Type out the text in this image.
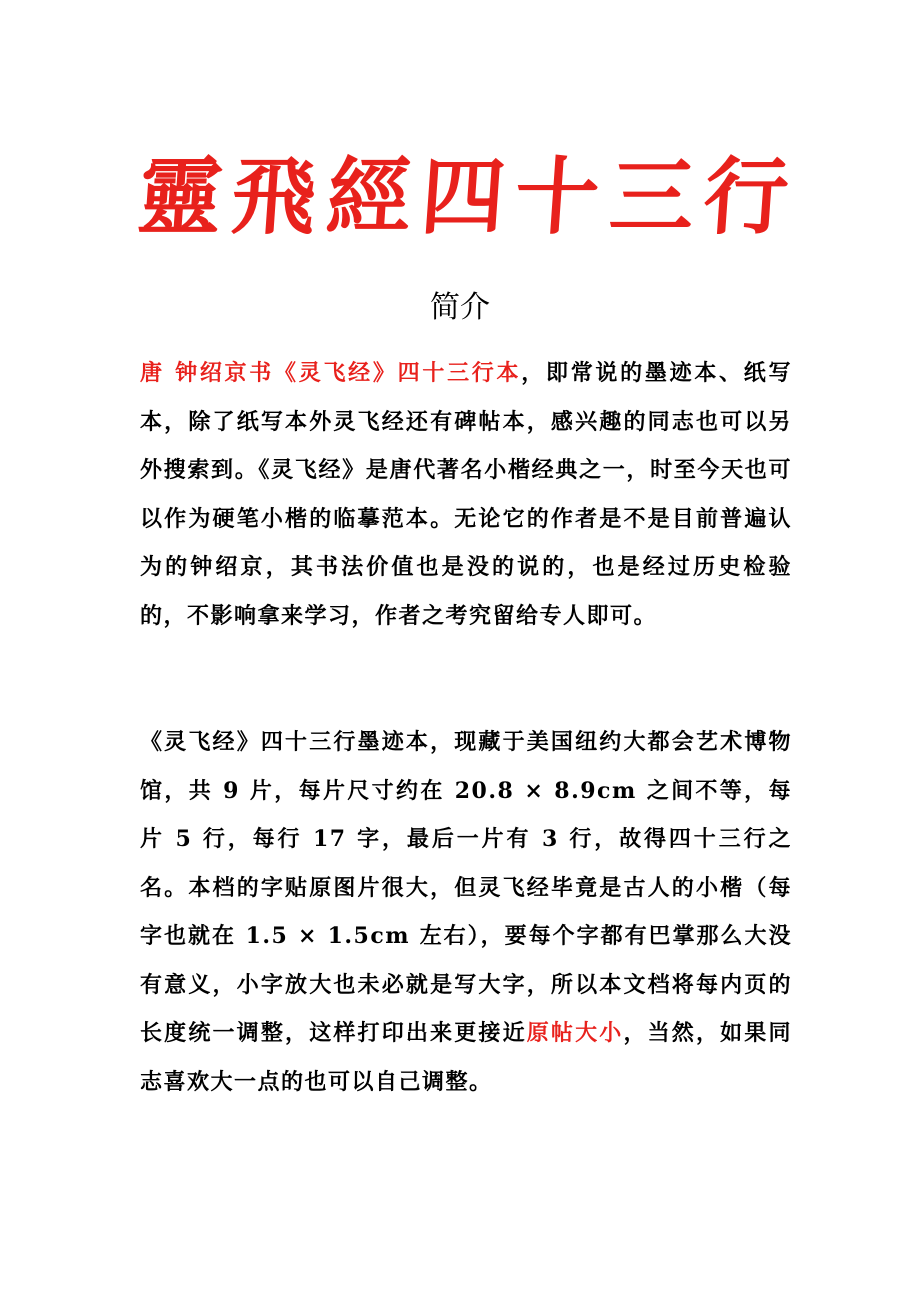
靈 飛 經 四 十 三 行
简介

唐 钟绍京书《灵飞经》四十三行本，即常说的墨迹本、纸写本，除了纸写本外灵飞经还有碑帖本，感兴趣的同志也可以另外搜索到。《灵飞经》是唐代著名小楷经典之一，时至今天也可以作为硬笔小楷的临摹范本。无论它的作者是不是目前普遍认为的钟绍京，其书法价值也是没的说的，也是经过历史检验的，不影响拿来学习，作者之考究留给专人即可。

《灵飞经》四十三行墨迹本，现藏于美国纽约大都会艺术博物馆，共 9 片，每片尺寸约在 20.8 × 8.9cm 之间不等，每片 5 行，每行 17 字，最后一片有 3 行，故得四十三行之名。本档的字贴原图片很大，但灵飞经毕竟是古人的小楷（每字也就在 1.5 × 1.5cm 左右），要每个字都有巴掌那么大没有意义，小字放大也未必就是写大字，所以本文档将每内页的长度统一调整，这样打印出来更接近原帖大小，当然，如果同志喜欢大一点的也可以自己调整。
